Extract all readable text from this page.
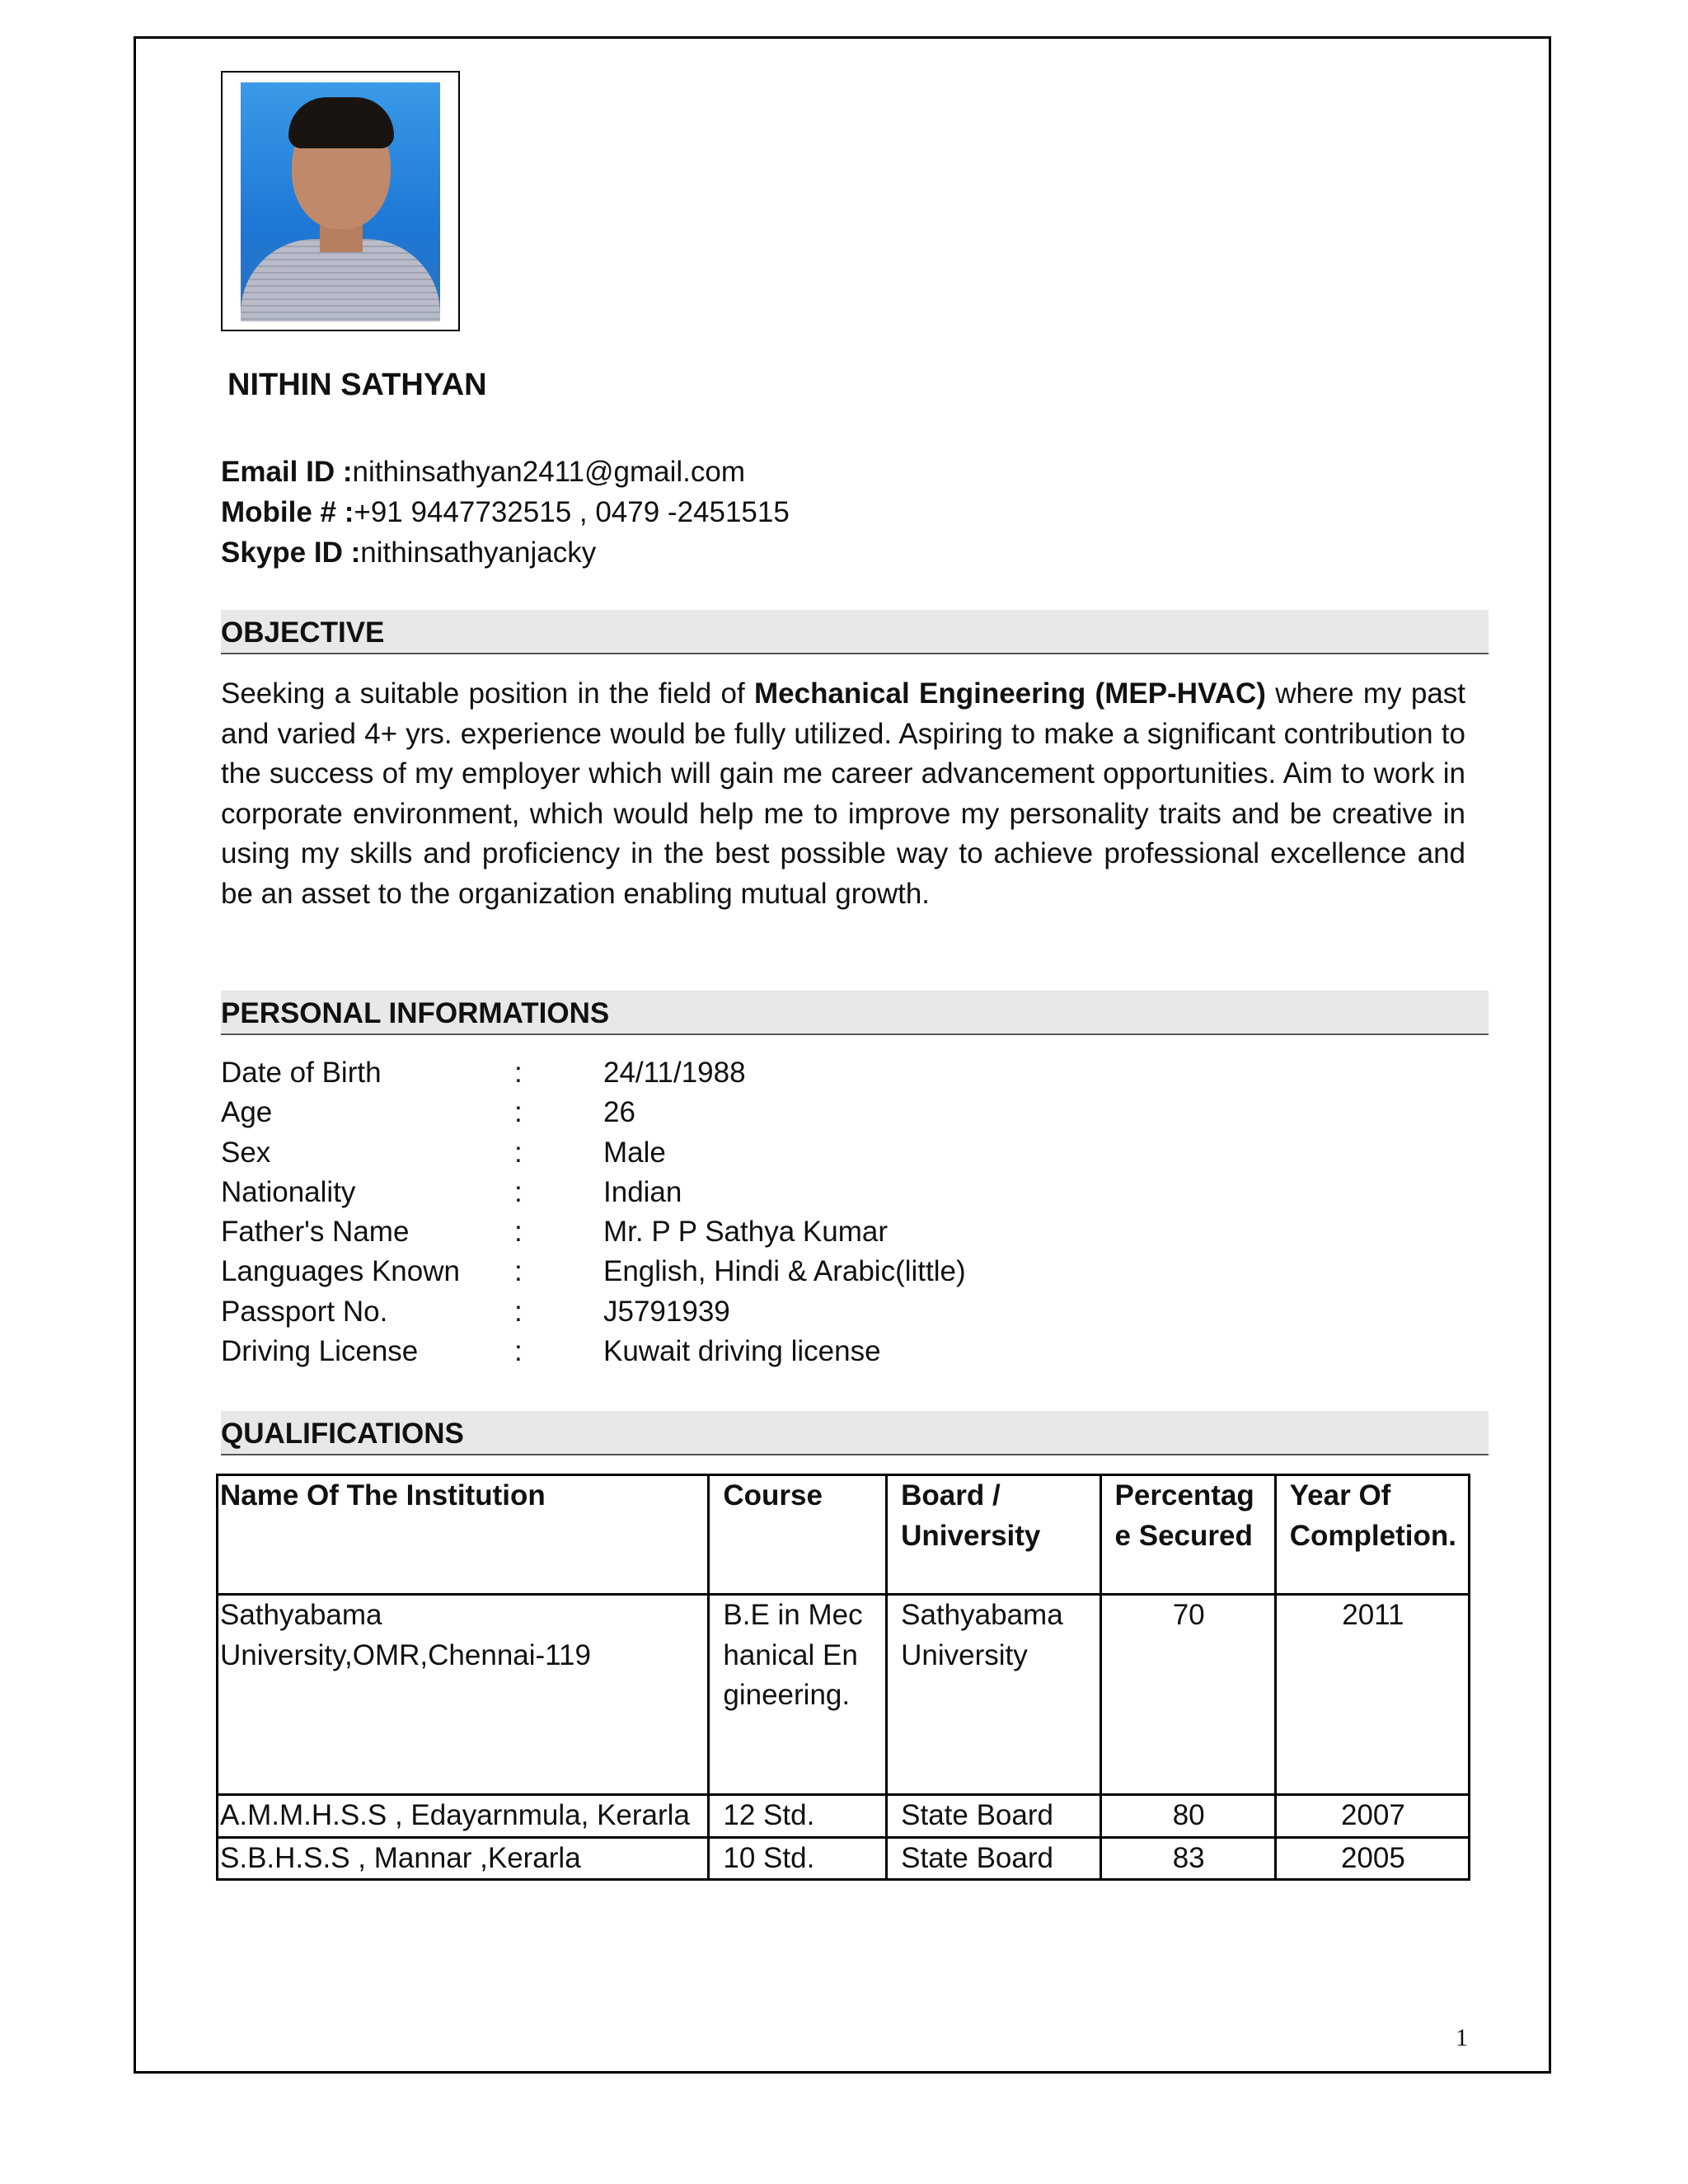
NITHIN SATHYAN
Email ID :nithinsathyan2411@gmail.com
Mobile # :+91 9447732515 , 0479 -2451515
Skype ID :nithinsathyanjacky
OBJECTIVE
Seeking a suitable position in the field of Mechanical Engineering (MEP-HVAC) where my past and varied 4+ yrs. experience would be fully utilized. Aspiring to make a significant contribution to the success of my employer which will gain me career advancement opportunities. Aim to work in corporate environment, which would help me to improve my personality traits and be creative in using my skills and proficiency in the best possible way to achieve professional excellence and be an asset to the organization enabling mutual growth.
PERSONAL INFORMATIONS
Date of Birth	:	24/11/1988
Age	:	26
Sex	:	Male
Nationality	:	Indian
Father's Name	:	Mr. P P Sathya Kumar
Languages Known :	English, Hindi & Arabic(little)
Passport No.	:	J5791939
Driving License	:	Kuwait driving license
QUALIFICATIONS
Name Of The Institution	Course	Board / University	Percentage Secured	Year Of Completion.
Sathyabama University,OMR,Chennai-119	B.E in Mechanical Engineering.	Sathyabama University	70	2011
A.M.M.H.S.S , Edayarnmula, Kerarla	12 Std.	State Board	80	2007
S.B.H.S.S , Mannar ,Kerarla	10 Std.	State Board	83	2005
1
